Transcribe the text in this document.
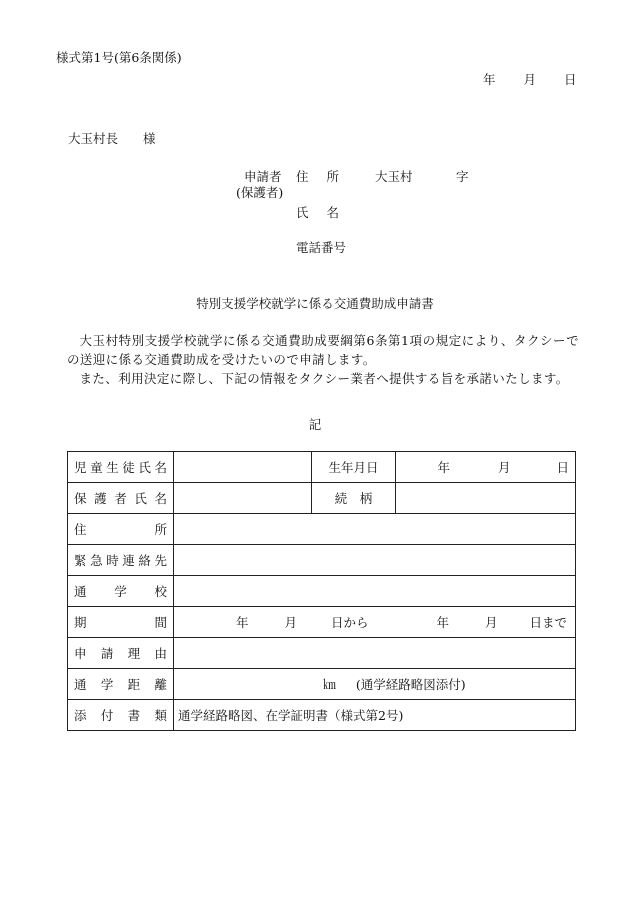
様式第1号(第6条関係)
年 月 日
大玉村長　　様
申請者
(保護者)
住所 大玉村	字
氏名
電話番号
特別支援学校就学に係る交通費助成申請書

大玉村特別支援学校就学に係る交通費助成要綱第6条第1項の規定により、タクシーでの送迎に係る交通費助成を受けたいので申請します。

また、利用決定に際し、下記の情報をタクシー業者へ提供する旨を承諾いたします。

記
児童生徒氏名		生年月日	年 月 日
保護者氏名		続　柄	
住所			
緊急時連絡先			
通学校			
期間	年 月 日から 年 月 日まで		
申請理由			
通学距離	㎞ (通学経路略図添付)		
添付書類	通学経路略図、在学証明書（様式第2号)		
